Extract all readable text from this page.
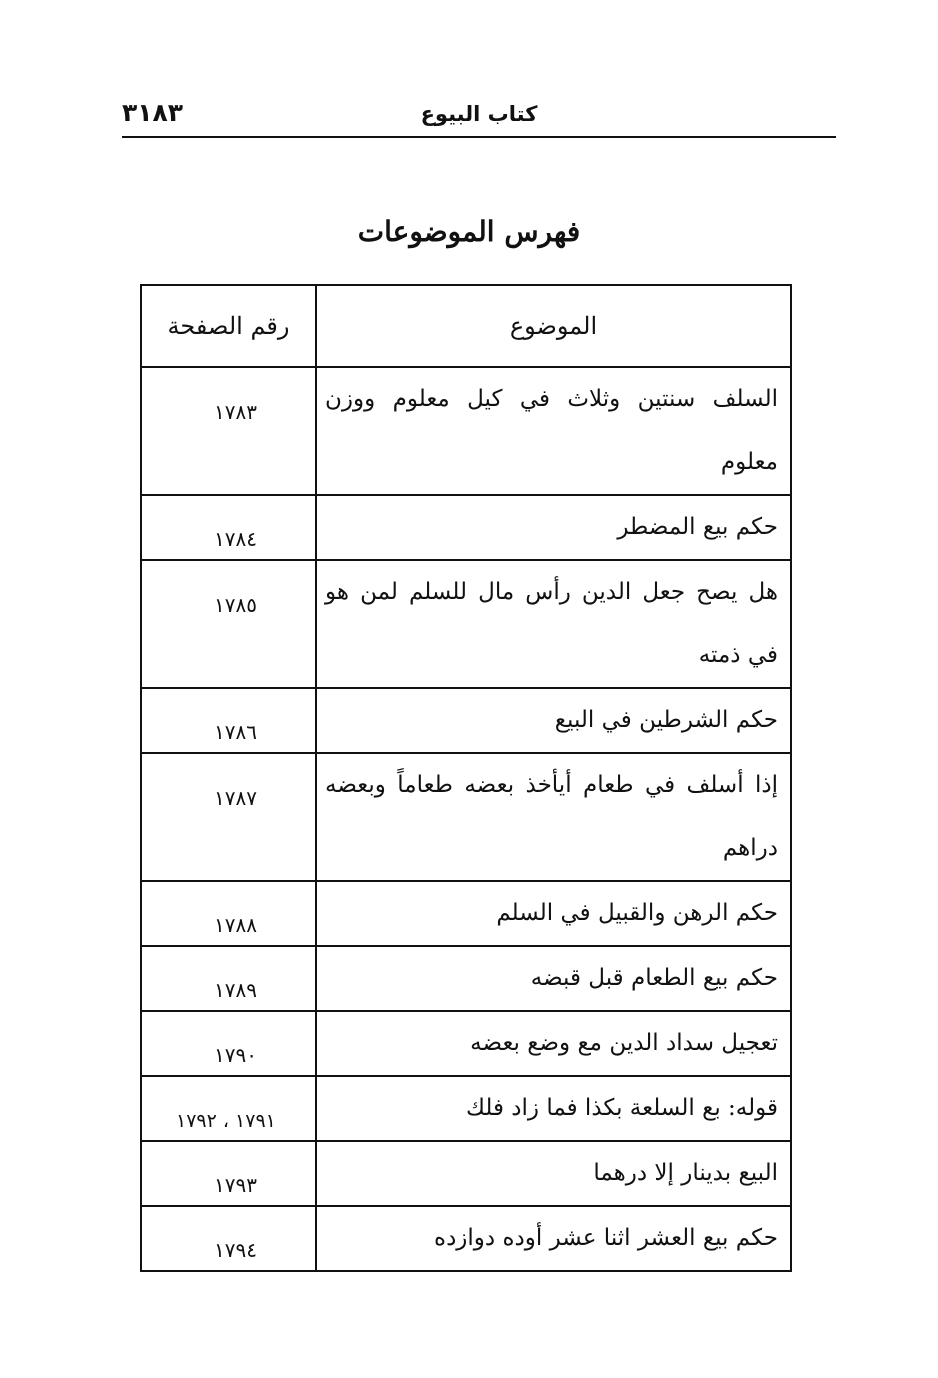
كتاب البيوع
٣١٨٣
فهرس الموضوعات
الموضوع	رقم الصفحة
السلف سنتين وثلاث في كيل معلوم ووزن معلوم	١٧٨٣
حكم بيع المضطر	١٧٨٤
هل يصح جعل الدين رأس مال للسلم لمن هو في ذمته	١٧٨٥
حكم الشرطين في البيع	١٧٨٦
إذا أسلف في طعام أيأخذ بعضه طعاماً وبعضه دراهم	١٧٨٧
حكم الرهن والقبيل في السلم	١٧٨٨
حكم بيع الطعام قبل قبضه	١٧٨٩
تعجيل سداد الدين مع وضع بعضه	١٧٩٠
قوله: بع السلعة بكذا فما زاد فلك	١٧٩١ ، ١٧٩٢
البيع بدينار إلا درهما	١٧٩٣
حكم بيع العشر اثنا عشر أوده دوازده	١٧٩٤
